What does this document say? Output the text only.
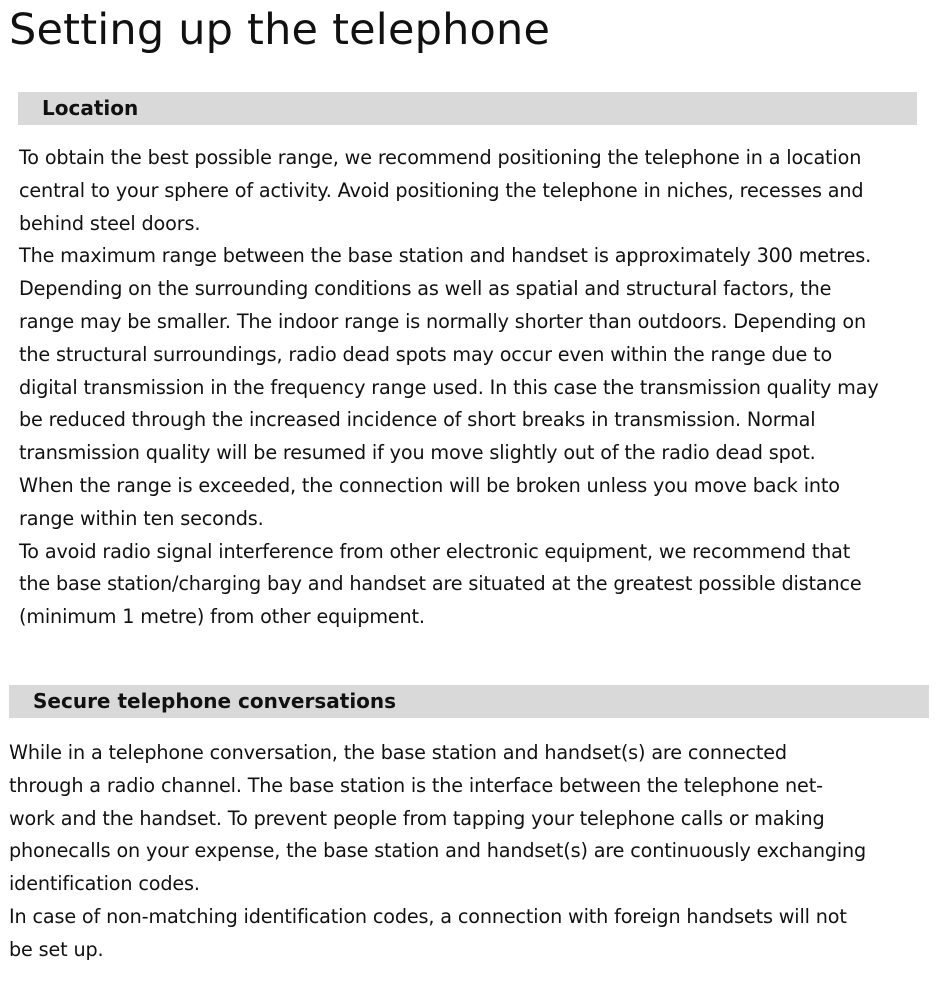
Setting up the telephone
Location
To obtain the best possible range, we recommend positioning the telephone in a location
central to your sphere of activity. Avoid positioning the telephone in niches, recesses and
behind steel doors.
The maximum range between the base station and handset is approximately 300 metres.
Depending on the surrounding conditions as well as spatial and structural factors, the
range may be smaller. The indoor range is normally shorter than outdoors. Depending on
the structural surroundings, radio dead spots may occur even within the range due to
digital transmission in the frequency range used. In this case the transmission quality may
be reduced through the increased incidence of short breaks in transmission. Normal
transmission quality will be resumed if you move slightly out of the radio dead spot.
When the range is exceeded, the connection will be broken unless you move back into
range within ten seconds.
To avoid radio signal interference from other electronic equipment, we recommend that
the base station/charging bay and handset are situated at the greatest possible distance
(minimum 1 metre) from other equipment.
Secure telephone conversations
While in a telephone conversation, the base station and handset(s) are connected
through a radio channel. The base station is the interface between the telephone net-
work and the handset. To prevent people from tapping your telephone calls or making
phonecalls on your expense, the base station and handset(s) are continuously exchanging
identification codes.
In case of non-matching identification codes, a connection with foreign handsets will not
be set up.
